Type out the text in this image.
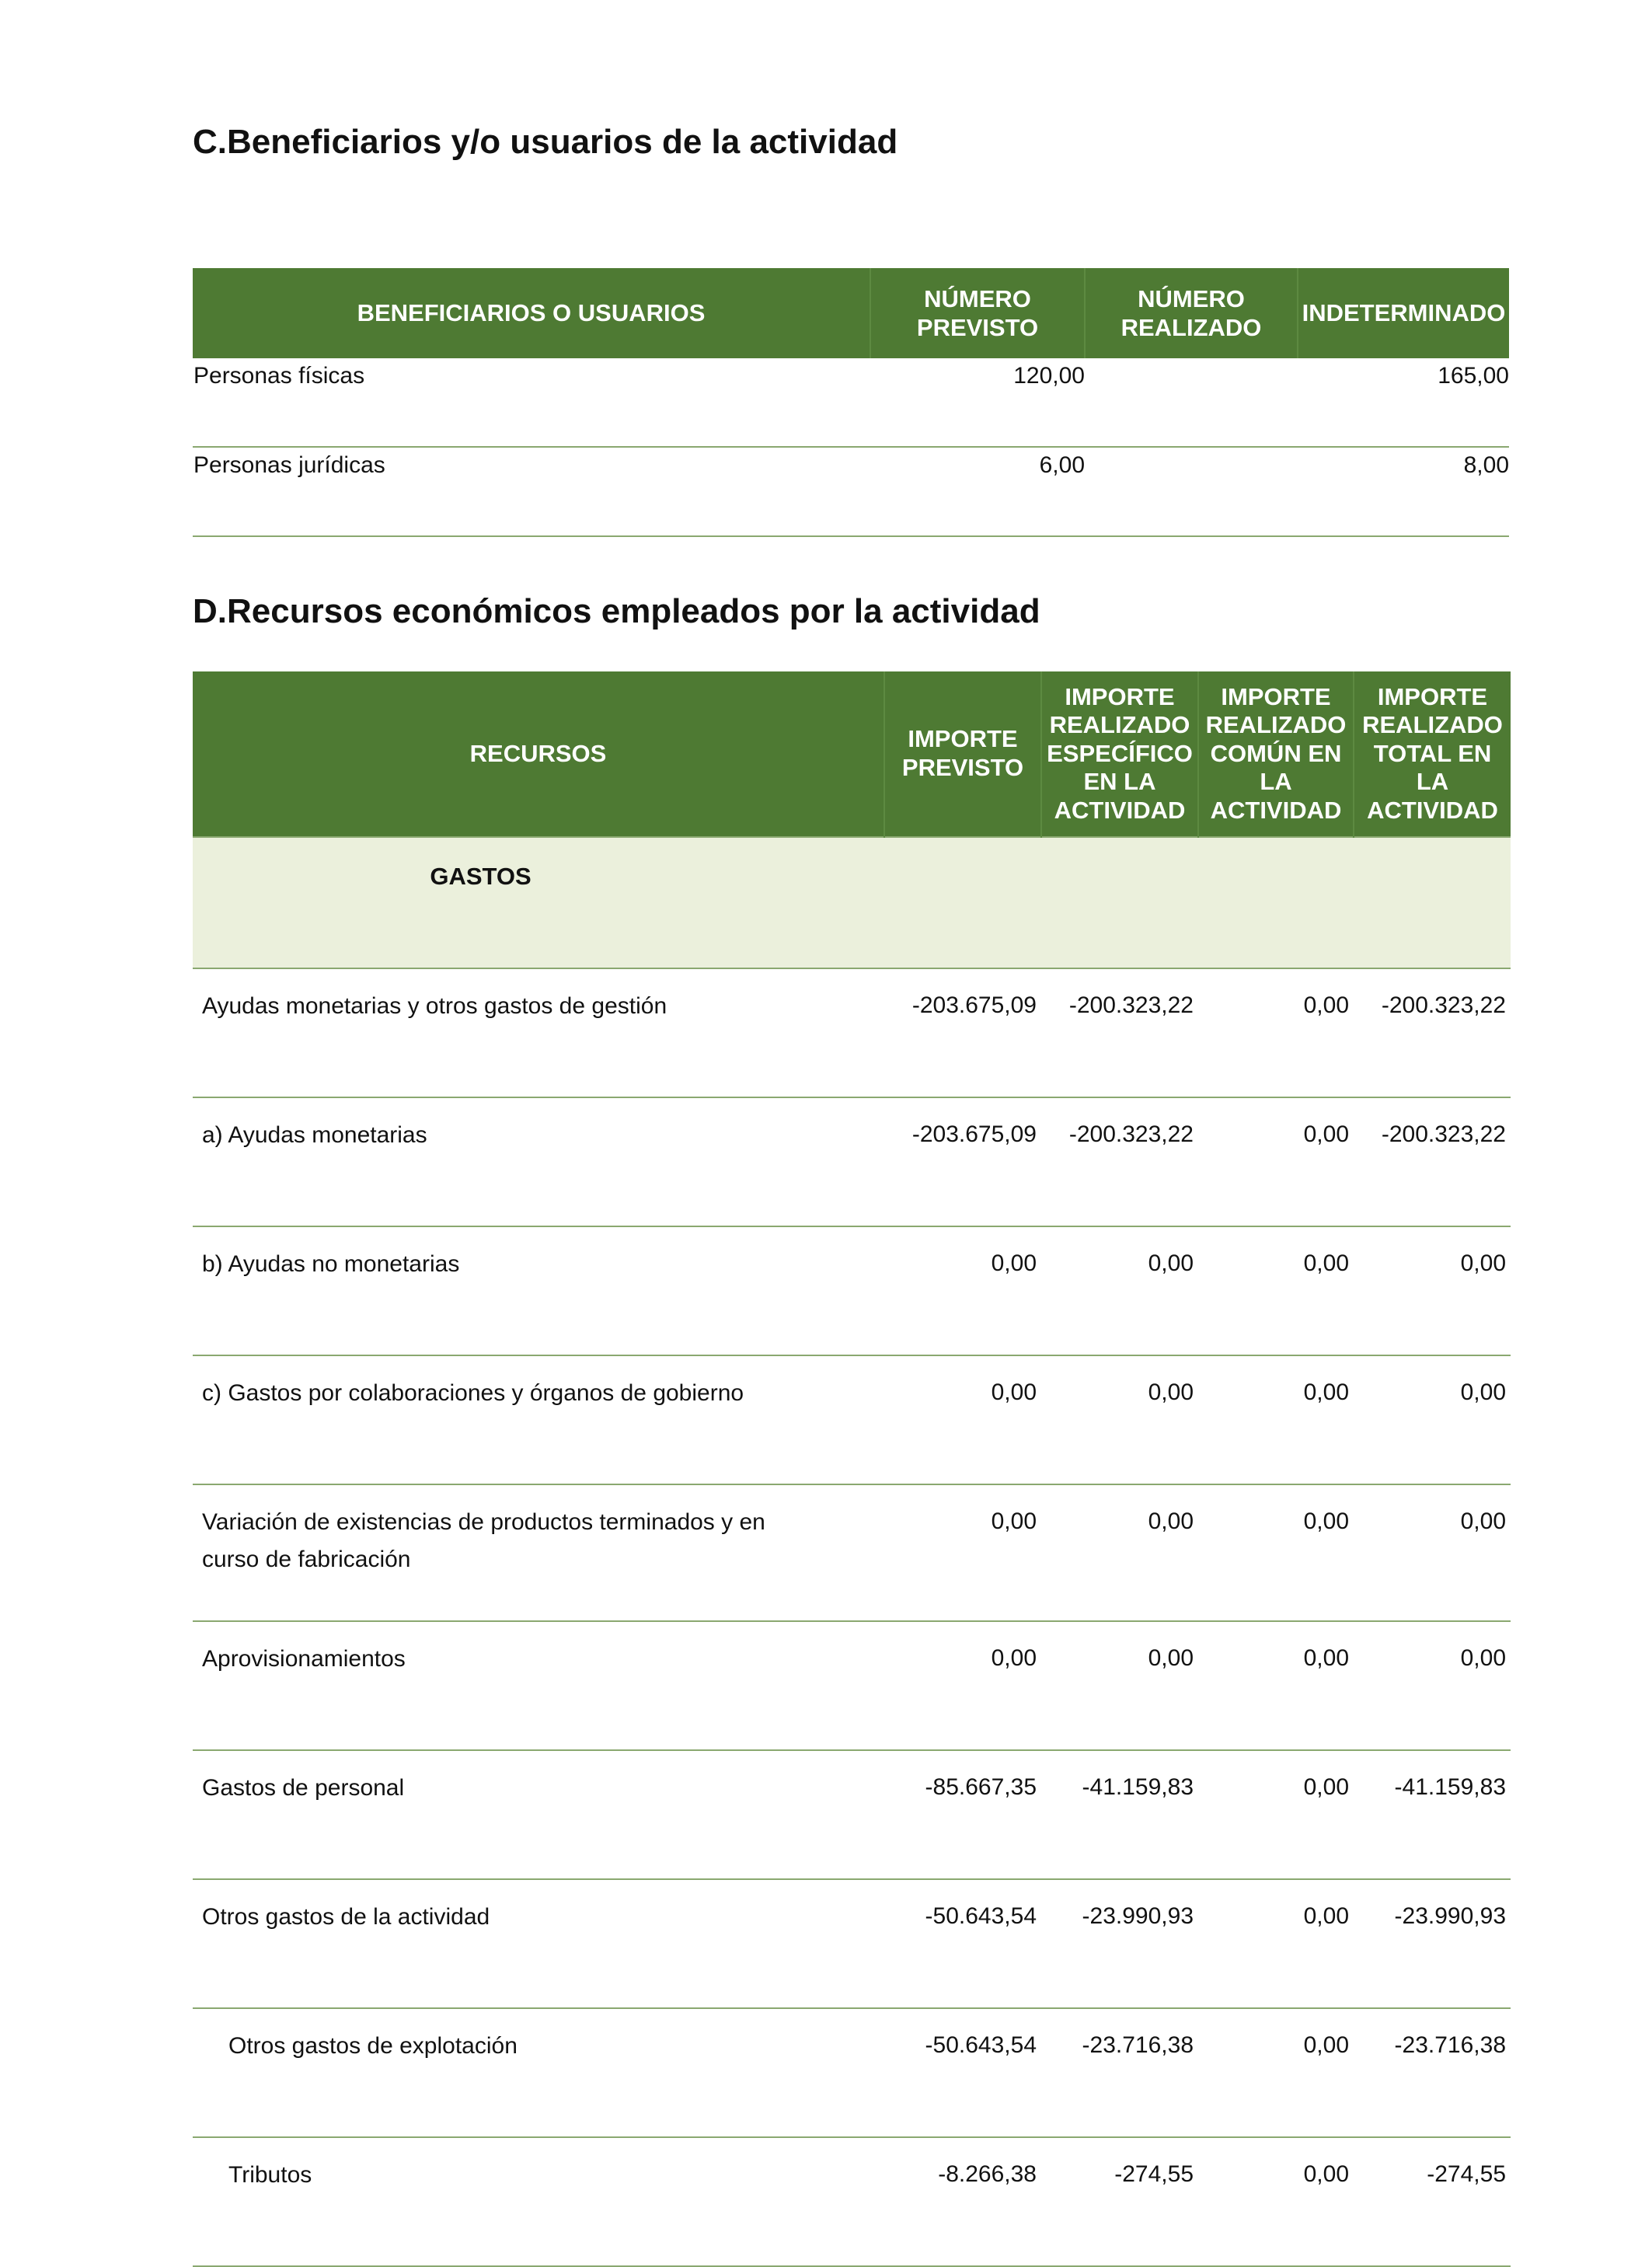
C.Beneficiarios y/o usuarios de la actividad
BENEFICIARIOS O USUARIOS	NÚMERO PREVISTO	NÚMERO REALIZADO	INDETERMINADO
Personas físicas	120,00		165,00
Personas jurídicas	6,00		8,00
D.Recursos económicos empleados por la actividad
RECURSOS	IMPORTE PREVISTO	IMPORTE REALIZADO ESPECÍFICO EN LA ACTIVIDAD	IMPORTE REALIZADO COMÚN EN LA ACTIVIDAD	IMPORTE REALIZADO TOTAL EN LA ACTIVIDAD
GASTOS				
Ayudas monetarias y otros gastos de gestión	-203.675,09	-200.323,22	0,00	-200.323,22
a) Ayudas monetarias	-203.675,09	-200.323,22	0,00	-200.323,22
b) Ayudas no monetarias	0,00	0,00	0,00	0,00
c) Gastos por colaboraciones y órganos de gobierno	0,00	0,00	0,00	0,00
Variación de existencias de productos terminados y en curso de fabricación	0,00	0,00	0,00	0,00
Aprovisionamientos	0,00	0,00	0,00	0,00
Gastos de personal	-85.667,35	-41.159,83	0,00	-41.159,83
Otros gastos de la actividad	-50.643,54	-23.990,93	0,00	-23.990,93
Otros gastos de explotación	-50.643,54	-23.716,38	0,00	-23.716,38
Tributos	-8.266,38	-274,55	0,00	-274,55
